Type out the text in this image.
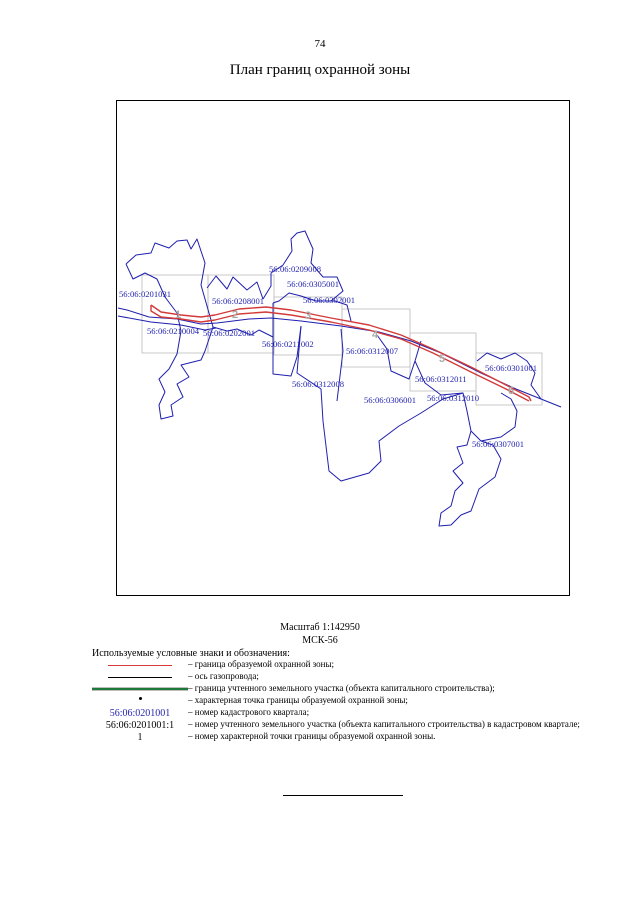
74
План границ охранной зоны
1	2	3
4
5
6
56:06:0201031
56:06:0210004 56:06:0202001
56:06:0208001
56:06:0209008
56:06:0305001
56:06:0302001
56:06:0211002
56:06:0312008
56:06:0312007
56:06:0306001
56:06:0312011
56:06:0312010
56:06:0301001
56:06:0307001
Масштаб 1:142950
МСК-56
Используемые условные знаки и обозначения:
– граница образуемой охранной зоны;
– ось газопровода;
– граница учтенного земельного участка (объекта капитального строительства);
– характерная точка границы образуемой охранной зоны;
56:06:0201001	– номер кадастрового квартала;
56:06:0201001:1	– номер учтенного земельного участка (объекта капитального строительства) в кадастровом квартале;
1	– номер характерной точки границы образуемой охранной зоны.
